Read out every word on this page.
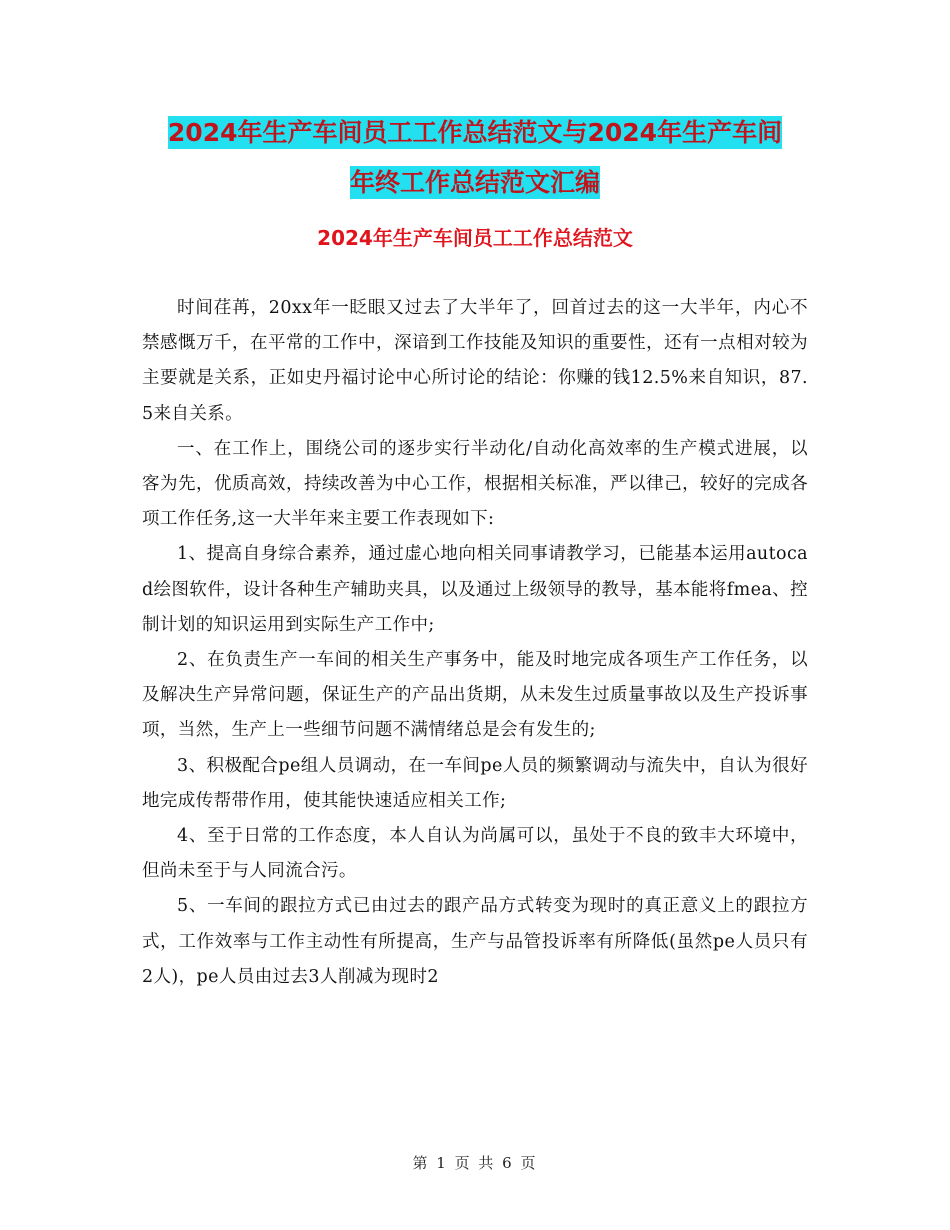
2024年生产车间员工工作总结范文与2024年生产车间
年终工作总结范文汇编
2024年生产车间员工工作总结范文

时间荏苒，20xx年一眨眼又过去了大半年了，回首过去的这一大半年，内心不禁感慨万千，在平常的工作中，深谙到工作技能及知识的重要性，还有一点相对较为主要就是关系，正如史丹福讨论中心所讨论的结论：你赚的钱12.5%来自知识，87.5来自关系。

一、在工作上，围绕公司的逐步实行半动化/自动化高效率的生产模式进展，以客为先，优质高效，持续改善为中心工作，根据相关标准，严以律己，较好的完成各项工作任务,这一大半年来主要工作表现如下:

1、提高自身综合素养，通过虚心地向相关同事请教学习，已能基本运用autocad绘图软件，设计各种生产辅助夹具，以及通过上级领导的教导，基本能将fmea、控制计划的知识运用到实际生产工作中;

2、在负责生产一车间的相关生产事务中，能及时地完成各项生产工作任务，以及解决生产异常问题，保证生产的产品出货期，从未发生过质量事故以及生产投诉事项，当然，生产上一些细节问题不满情绪总是会有发生的;

3、积极配合pe组人员调动，在一车间pe人员的频繁调动与流失中，自认为很好地完成传帮带作用，使其能快速适应相关工作;

4、至于日常的工作态度，本人自认为尚属可以，虽处于不良的致丰大环境中，但尚未至于与人同流合污。

5、一车间的跟拉方式已由过去的跟产品方式转变为现时的真正意义上的跟拉方式，工作效率与工作主动性有所提高，生产与品管投诉率有所降低(虽然pe人员只有2人)，pe人员由过去3人削减为现时2

第 1 页 共 6 页
